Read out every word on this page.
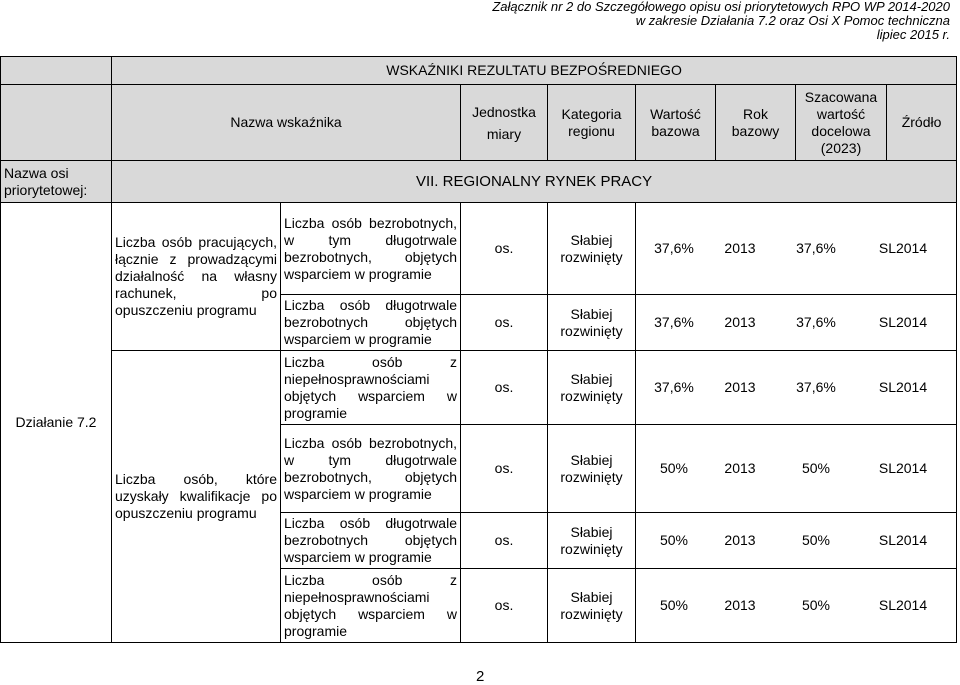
Załącznik nr 2 do Szczegółowego opisu osi priorytetowych RPO WP 2014-2020
w zakresie Działania 7.2 oraz Osi X Pomoc techniczna
lipiec 2015 r.
	WSKAŹNIKI REZULTATU BEZPOŚREDNIEGO							
	Nazwa wskaźnika		Jednostka miary	Kategoria regionu	Wartość bazowa	Rok bazowy	Szacowana wartość docelowa (2023)	Źródło
Nazwa osi priorytetowej:	VII. REGIONALNY RYNEK PRACY							
Działanie 7.2	Liczba osób pracujących, łącznie z prowadzącymi działalność na własny rachunek, po opuszczeniu programu	Liczba osób bezrobotnych, w tym długotrwale bezrobotnych, objętych wsparciem w programie	os.	Słabiej rozwinięty	37,6% 2013 37,6% SL2014			

		Liczba osób długotrwale bezrobotnych objętych wsparciem w programie	os.	Słabiej rozwinięty	37,6% 2013 37,6% SL2014			

	Liczba osób, które uzyskały kwalifikacje po opuszczeniu programu	Liczba osób z niepełnosprawnościami objętych wsparciem w programie	os.	Słabiej rozwinięty	37,6% 2013 37,6% SL2014			

		Liczba osób bezrobotnych, w tym długotrwale bezrobotnych, objętych wsparciem w programie	os.	Słabiej rozwinięty	50% 2013 50% SL2014			

		Liczba osób długotrwale bezrobotnych objętych wsparciem w programie	os.	Słabiej rozwinięty	50% 2013 50% SL2014			

		Liczba osób z niepełnosprawnościami objętych wsparciem w programie	os.	Słabiej rozwinięty	50% 2013 50% SL2014			
2
